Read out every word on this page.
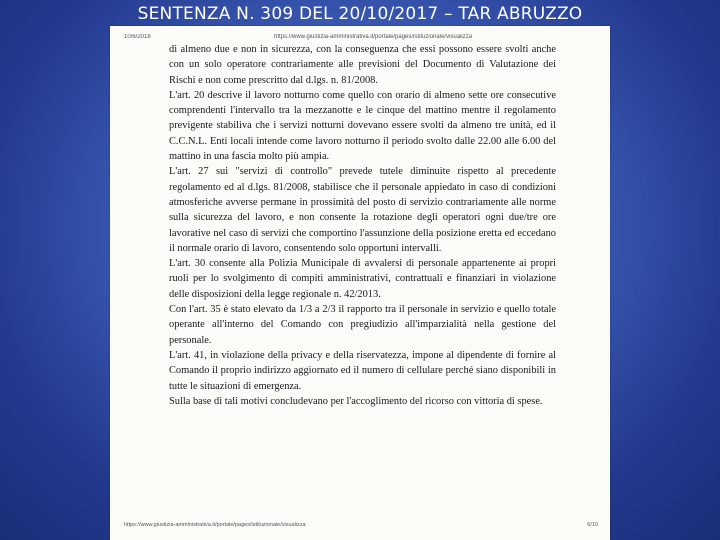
SENTENZA N. 309 DEL 20/10/2017 – TAR ABRUZZO
10/6/2018	https://www.giustizia-amministrativa.it/portale/pages/istituzionale/visualizza

di almeno due e non in sicurezza, con la conseguenza che essi possono essere svolti anche con un solo operatore contrariamente alle previsioni del Documento di Valutazione dei Rischi e non come prescritto dal d.lgs. n. 81/2008.

L'art. 20 descrive il lavoro notturno come quello con orario di almeno sette ore consecutive comprendenti l'intervallo tra la mezzanotte e le cinque del mattino mentre il regolamento previgente stabiliva che i servizi notturni dovevano essere svolti da almeno tre unità, ed il C.C.N.L. Enti locali intende come lavoro notturno il periodo svolto dalle 22.00 alle 6.00 del mattino in una fascia molto più ampia.

L'art. 27 sui "servizi di controllo" prevede tutele diminuite rispetto al precedente regolamento ed al d.lgs. 81/2008, stabilisce che il personale appiedato in caso di condizioni atmosferiche avverse permane in prossimità del posto di servizio contrariamente alle norme sulla sicurezza del lavoro, e non consente la rotazione degli operatori ogni due/tre ore lavorative nel caso di servizi che comportino l'assunzione della posizione eretta ed eccedano il normale orario di lavoro, consentendo solo opportuni intervalli.

L'art. 30 consente alla Polizia Municipale di avvalersi di personale appartenente ai propri ruoli per lo svolgimento di compiti amministrativi, contrattuali e finanziari in violazione delle disposizioni della legge regionale n. 42/2013.

Con l'art. 35 è stato elevato da 1/3 a 2/3 il rapporto tra il personale in servizio e quello totale operante all'interno del Comando con pregiudizio all'imparzialità nella gestione del personale.

L'art. 41, in violazione della privacy e della riservatezza, impone al dipendente di fornire al Comando il proprio indirizzo aggiornato ed il numero di cellulare perché siano disponibili in tutte le situazioni di emergenza.

Sulla base di tali motivi concludevano per l'accoglimento del ricorso con vittoria di spese.

https://www.giustizia-amministrativa.it/portale/pages/istituzionale/visualizza	6/10
